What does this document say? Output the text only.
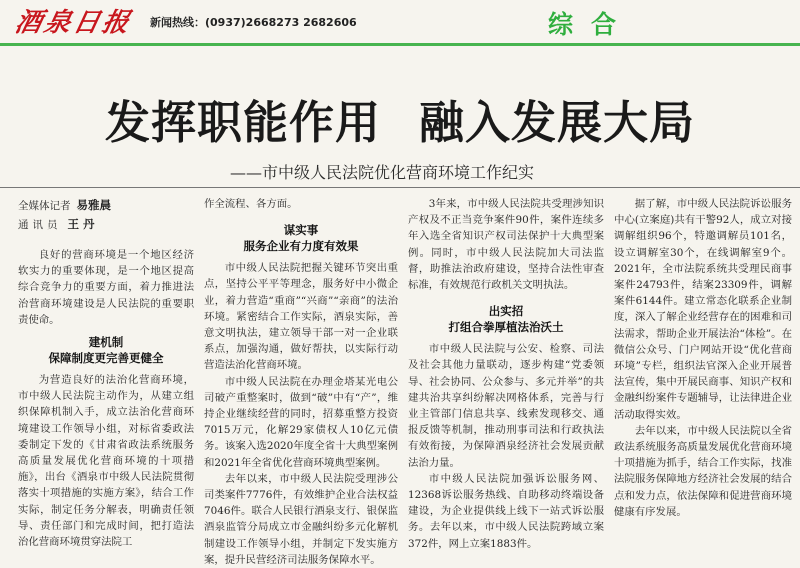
酒泉日报 新闻热线：(0937)2668273 2682606	综合
发挥职能作用 融入发展大局
——市中级人民法院优化营商环境工作纪实
全媒体记者 易雅晨
通讯员 王丹

良好的营商环境是一个地区经济软实力的重要体现，是一个地区提高综合竞争力的重要方面，着力推进法治营商环境建设是人民法院的重要职责使命。

建机制
保障制度更完善更健全

为营造良好的法治化营商环境，市中级人民法院主动作为，从建立组织保障机制入手，成立法治化营商环境建设工作领导小组，对标省委政法委制定下发的《甘肃省政法系统服务高质量发展优化营商环境的十项措施》，出台《酒泉市中级人民法院贯彻落实十项措施的实施方案》，结合工作实际，制定任务分解表，明确责任领导、责任部门和完成时间，把打造法治化营商环境贯穿法院工

作全流程、各方面。

谋实事
服务企业有力度有效果

市中级人民法院把握关键环节突出重点，坚持公平平等理念，服务好中小微企业，着力营造“重商”“兴商”“亲商”的法治环境。紧密结合工作实际，酒泉实际，善意文明执法，建立领导干部一对一企业联系点，加强沟通，做好帮扶，以实际行动营造法治化营商环境。

市中级人民法院在办理金塔某光电公司破产重整案时，做到“破”中有“产”，维持企业继续经营的同时，招募重整方投资7015万元，化解29家债权人10亿元债务。该案入选2020年度全省十大典型案例和2021年全省优化营商环境典型案例。

去年以来，市中级人民法院受理涉公司类案件7776件，有效维护企业合法权益7046件。联合人民银行酒泉支行、银保监酒泉监管分局成立市金融纠纷多元化解机制建设工作领导小组，并制定下发实施方案，提升民营经济司法服务保障水平。

3年来，市中级人民法院共受理涉知识产权及不正当竞争案件90件，案件连续多年入选全省知识产权司法保护十大典型案例。同时，市中级人民法院加大司法监督，助推法治政府建设，坚持合法性审查标准，有效规范行政机关文明执法。

出实招
打组合拳厚植法治沃土

市中级人民法院与公安、检察、司法及社会其他力量联动，逐步构建“党委领导、社会协同、公众参与、多元并举”的共建共治共享纠纷解决网格体系，完善与行业主管部门信息共享、线索发现移交、通报反馈等机制，推动刑事司法和行政执法有效衔接，为保障酒泉经济社会发展贡献法治力量。

市中级人民法院加强诉讼服务网、12368诉讼服务热线、自助移动终端设备建设，为企业提供线上线下一站式诉讼服务。去年以来，市中级人民法院跨域立案372件，网上立案1883件。

据了解，市中级人民法院诉讼服务中心(立案庭)共有干警92人，成立对接调解组织96个，特邀调解员101名，设立调解室30个，在线调解室9个。2021年，全市法院系统共受理民商事案件24793件，结案23309件，调解案件6144件。建立常态化联系企业制度，深入了解企业经营存在的困难和司法需求，帮助企业开展法治“体检”。在微信公众号、门户网站开设“优化营商环境”专栏，组织法官深入企业开展普法宣传，集中开展民商事、知识产权和金融纠纷案件专题辅导，让法律进企业活动取得实效。

去年以来，市中级人民法院以全省政法系统服务高质量发展优化营商环境十项措施为抓手，结合工作实际，找准法院服务保障地方经济社会发展的结合点和发力点，依法保障和促进营商环境健康有序发展。
